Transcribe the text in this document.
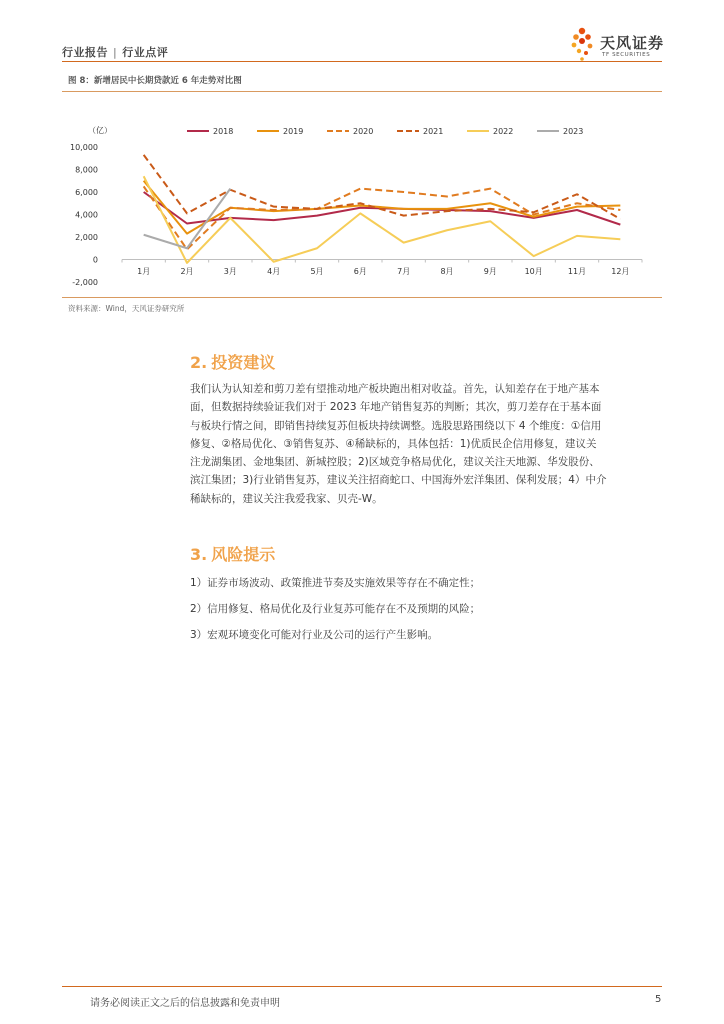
行业报告 | 行业点评
天风证券
TF SECURITIES
图 8：新增居民中长期贷款近 6 年走势对比图
（亿）
-2,000
0
2,000
4,000
6,000
8,000
10,000
1月	2月	3月	4月	5月	6月	7月	8月	9月	10月	11月	12月
2018	2019	2020	2021	2022	2023
资料来源：Wind，天风证券研究所
2. 投资建议
我们认为认知差和剪刀差有望推动地产板块跑出相对收益。首先，认知差存在于地产基本
面，但数据持续验证我们对于 2023 年地产销售复苏的判断；其次，剪刀差存在于基本面
与板块行情之间，即销售持续复苏但板块持续调整。选股思路围绕以下 4 个维度：①信用
修复、②格局优化、③销售复苏、④稀缺标的，具体包括：1)优质民企信用修复，建议关
注龙湖集团、金地集团、新城控股；2)区域竞争格局优化，建议关注天地源、华发股份、
滨江集团；3)行业销售复苏，建议关注招商蛇口、中国海外宏洋集团、保利发展；4）中介
稀缺标的，建议关注我爱我家、贝壳-W。
3. 风险提示
1）证券市场波动、政策推进节奏及实施效果等存在不确定性；
2）信用修复、格局优化及行业复苏可能存在不及预期的风险；
3）宏观环境变化可能对行业及公司的运行产生影响。
请务必阅读正文之后的信息披露和免责申明	5
